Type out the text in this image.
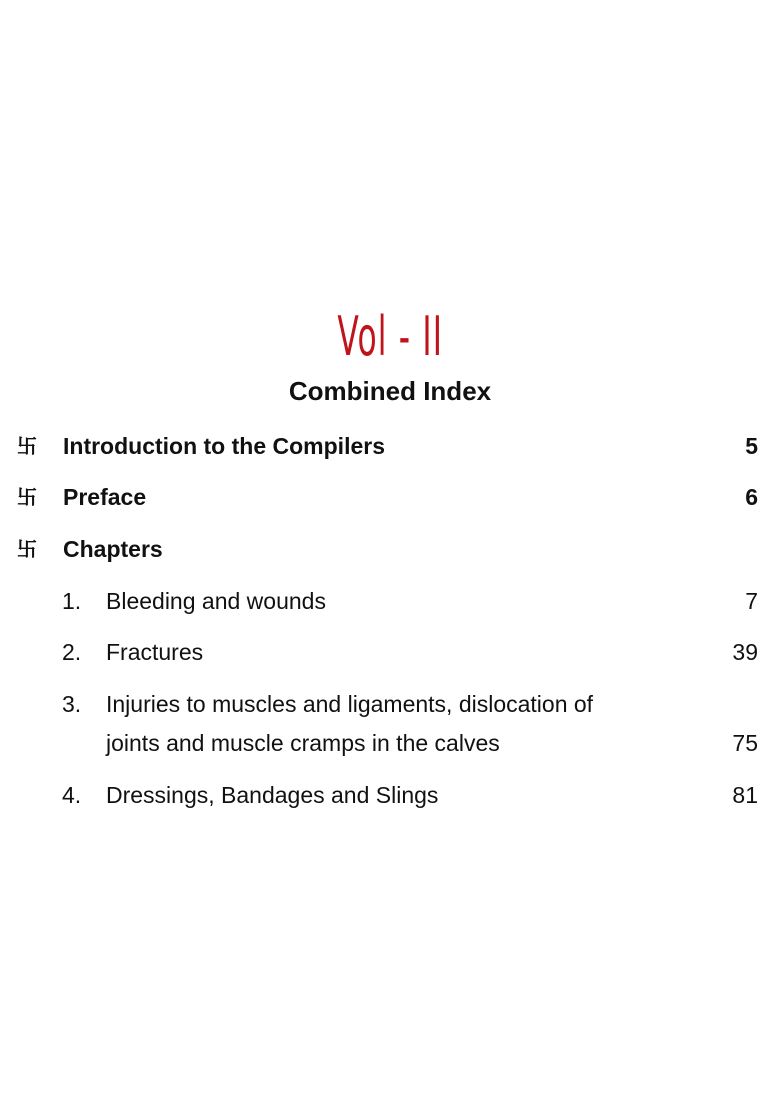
Vol - II
Combined Index
卐 Introduction to the Compilers	5
卐 Preface	6
卐 Chapters
1. Bleeding and wounds	7
2. Fractures	39
3. Injuries to muscles and ligaments, dislocation of
joints and muscle cramps in the calves	75
4. Dressings, Bandages and Slings	81
